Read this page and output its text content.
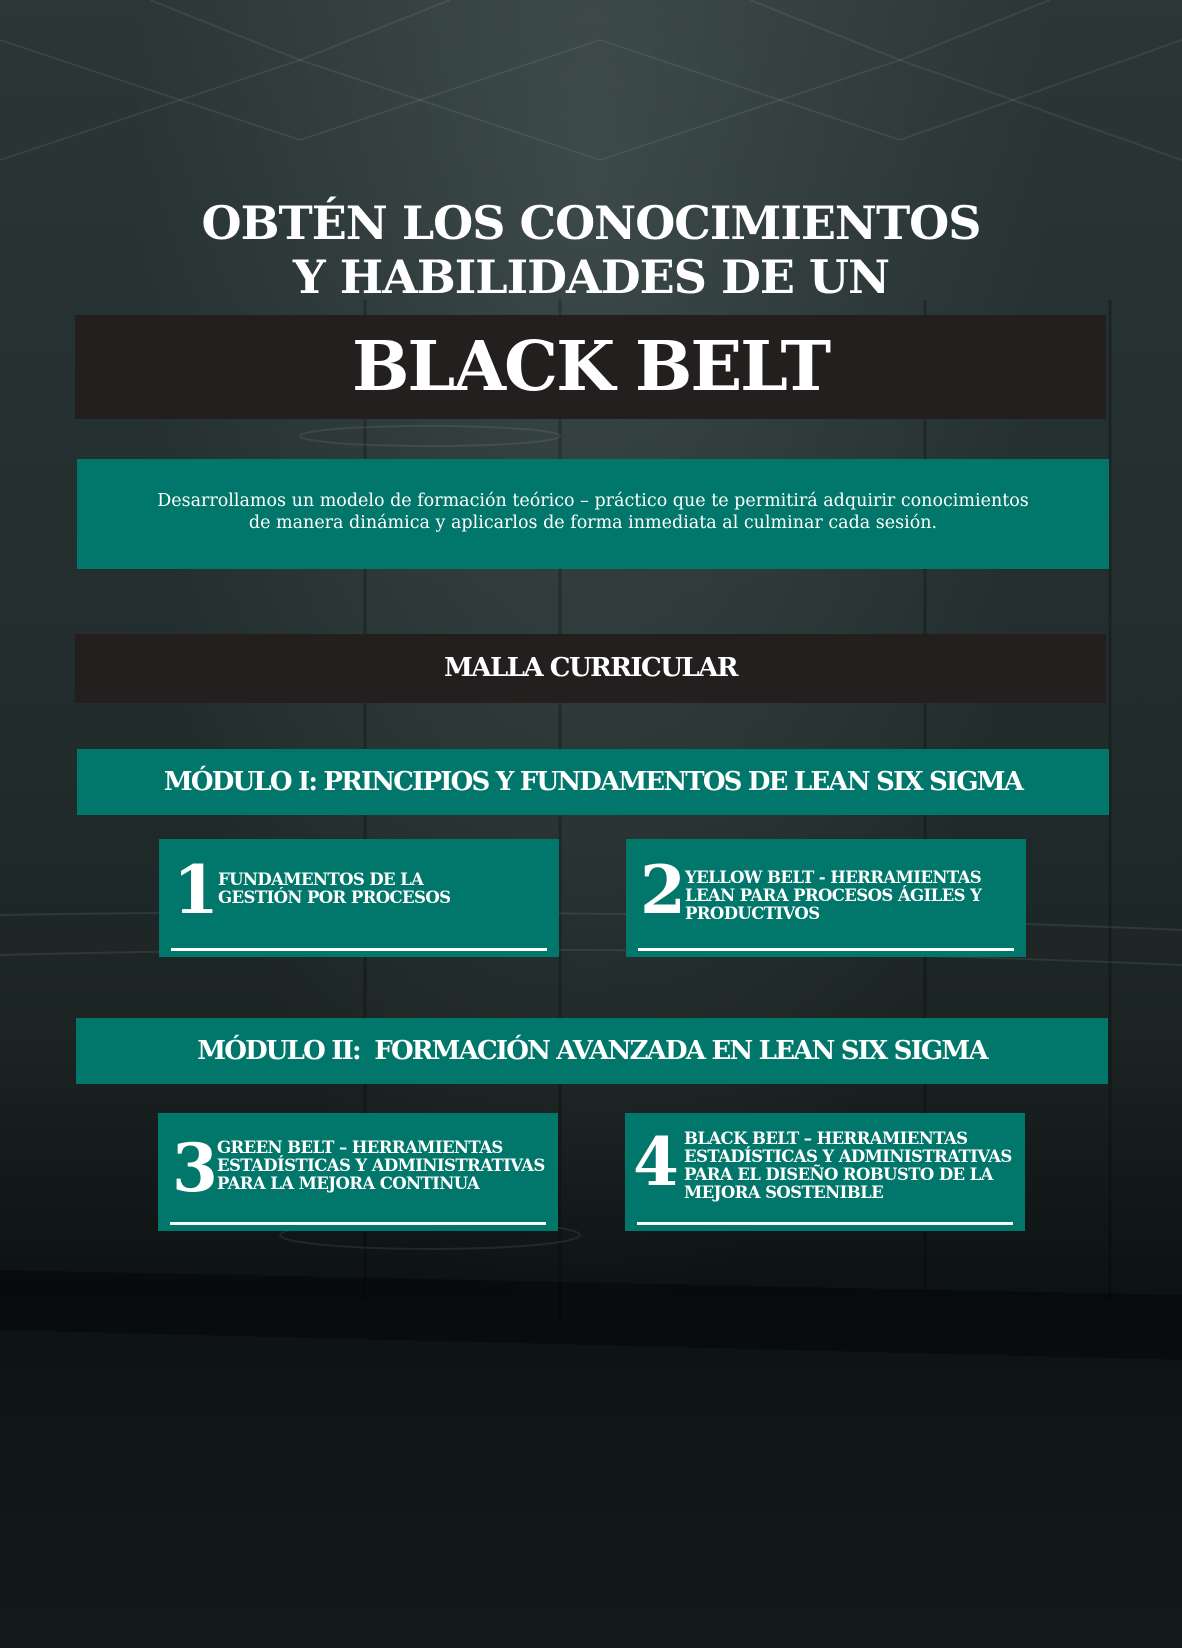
OBTÉN LOS CONOCIMIENTOS
Y HABILIDADES DE UN
BLACK BELT

Desarrollamos un modelo de formación teórico – práctico que te permitirá adquirir conocimientos
de manera dinámica y aplicarlos de forma inmediata al culminar cada sesión.

MALLA CURRICULAR
MÓDULO I: PRINCIPIOS Y FUNDAMENTOS DE LEAN SIX SIGMA
1 FUNDAMENTOS DE LA
GESTIÓN POR PROCESOS	2 YELLOW BELT - HERRAMIENTAS
LEAN PARA PROCESOS ÁGILES Y
PRODUCTIVOS
MÓDULO II:  FORMACIÓN AVANZADA EN LEAN SIX SIGMA
3 GREEN BELT – HERRAMIENTAS
ESTADÍSTICAS Y ADMINISTRATIVAS
PARA LA MEJORA CONTINUA	4 BLACK BELT – HERRAMIENTAS
ESTADÍSTICAS Y ADMINISTRATIVAS
PARA EL DISEÑO ROBUSTO DE LA
MEJORA SOSTENIBLE
